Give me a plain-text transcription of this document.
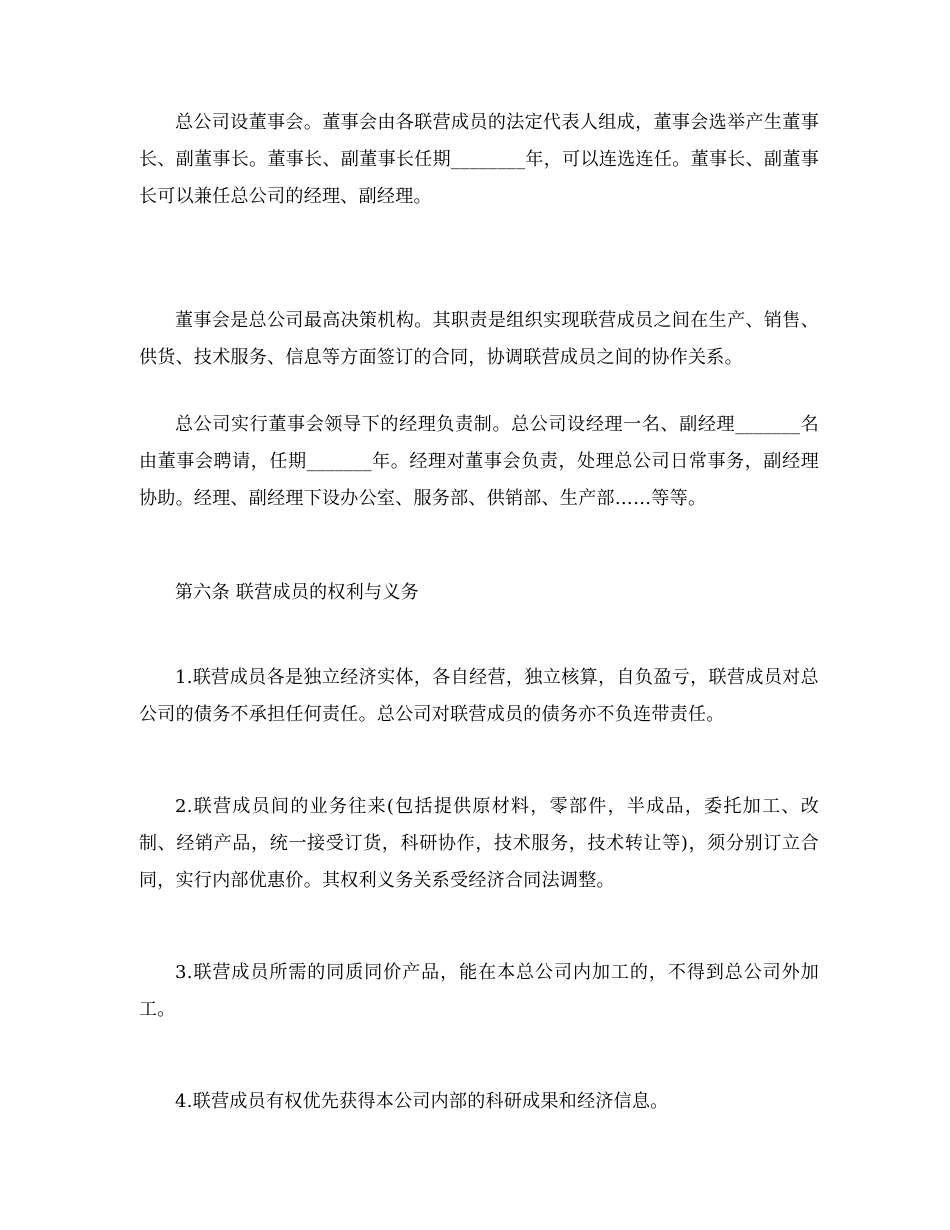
总公司设董事会。董事会由各联营成员的法定代表人组成，董事会选举产生董事长、副董事长。董事长、副董事长任期________年，可以连选连任。董事长、副董事长可以兼任总公司的经理、副经理。

董事会是总公司最高决策机构。其职责是组织实现联营成员之间在生产、销售、供货、技术服务、信息等方面签订的合同，协调联营成员之间的协作关系。

总公司实行董事会领导下的经理负责制。总公司设经理一名、副经理_______名由董事会聘请，任期_______年。经理对董事会负责，处理总公司日常事务，副经理协助。经理、副经理下设办公室、服务部、供销部、生产部……等等。

第六条 联营成员的权利与义务

1.联营成员各是独立经济实体，各自经营，独立核算，自负盈亏，联营成员对总公司的债务不承担任何责任。总公司对联营成员的债务亦不负连带责任。

2.联营成员间的业务往来(包括提供原材料，零部件，半成品，委托加工、改制、经销产品，统一接受订货，科研协作，技术服务，技术转让等)，须分别订立合同，实行内部优惠价。其权利义务关系受经济合同法调整。

3.联营成员所需的同质同价产品，能在本总公司内加工的，不得到总公司外加工。

4.联营成员有权优先获得本公司内部的科研成果和经济信息。
